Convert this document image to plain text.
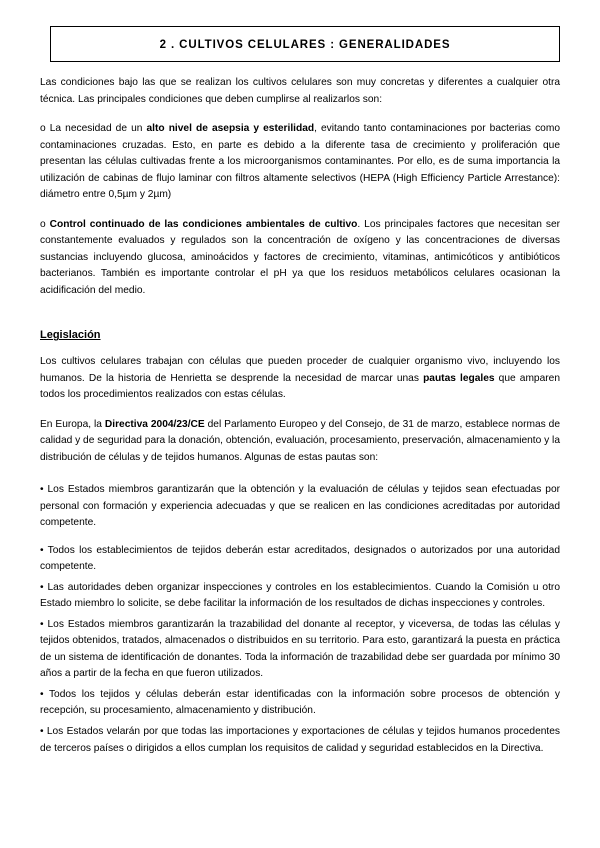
2 . CULTIVOS CELULARES : GENERALIDADES

Las condiciones bajo las que se realizan los cultivos celulares son muy concretas y diferentes a cualquier otra técnica. Las principales condiciones que deben cumplirse al realizarlos son:

o La necesidad de un alto nivel de asepsia y esterilidad, evitando tanto contaminaciones por bacterias como contaminaciones cruzadas. Esto, en parte es debido a la diferente tasa de crecimiento y proliferación que presentan las células cultivadas frente a los microorganismos contaminantes. Por ello, es de suma importancia la utilización de cabinas de flujo laminar con filtros altamente selectivos (HEPA (High Efficiency Particle Arrestance): diámetro entre 0,5µm y 2µm)

o Control continuado de las condiciones ambientales de cultivo. Los principales factores que necesitan ser constantemente evaluados y regulados son la concentración de oxígeno y las concentraciones de diversas sustancias incluyendo glucosa, aminoácidos y factores de crecimiento, vitaminas, antimicóticos y antibióticos bacterianos. También es importante controlar el pH ya que los residuos metabólicos celulares ocasionan la acidificación del medio.

Legislación

Los cultivos celulares trabajan con células que pueden proceder de cualquier organismo vivo, incluyendo los humanos. De la historia de Henrietta se desprende la necesidad de marcar unas pautas legales que amparen todos los procedimientos realizados con estas células.

En Europa, la Directiva 2004/23/CE del Parlamento Europeo y del Consejo, de 31 de marzo, establece normas de calidad y de seguridad para la donación, obtención, evaluación, procesamiento, preservación, almacenamiento y la distribución de células y de tejidos humanos. Algunas de estas pautas son:

• Los Estados miembros garantizarán que la obtención y la evaluación de células y tejidos sean efectuadas por personal con formación y experiencia adecuadas y que se realicen en las condiciones acreditadas por autoridad competente.

• Todos los establecimientos de tejidos deberán estar acreditados, designados o autorizados por una autoridad competente.

• Las autoridades deben organizar inspecciones y controles en los establecimientos. Cuando la Comisión u otro Estado miembro lo solicite, se debe facilitar la información de los resultados de dichas inspecciones y controles.

• Los Estados miembros garantizarán la trazabilidad del donante al receptor, y viceversa, de todas las células y tejidos obtenidos, tratados, almacenados o distribuidos en su territorio. Para esto, garantizará la puesta en práctica de un sistema de identificación de donantes. Toda la información de trazabilidad debe ser guardada por mínimo 30 años a partir de la fecha en que fueron utilizados.

• Todos los tejidos y células deberán estar identificadas con la información sobre procesos de obtención y recepción, su procesamiento, almacenamiento y distribución.

• Los Estados velarán por que todas las importaciones y exportaciones de células y tejidos humanos procedentes de terceros países o dirigidos a ellos cumplan los requisitos de calidad y seguridad establecidos en la Directiva.
